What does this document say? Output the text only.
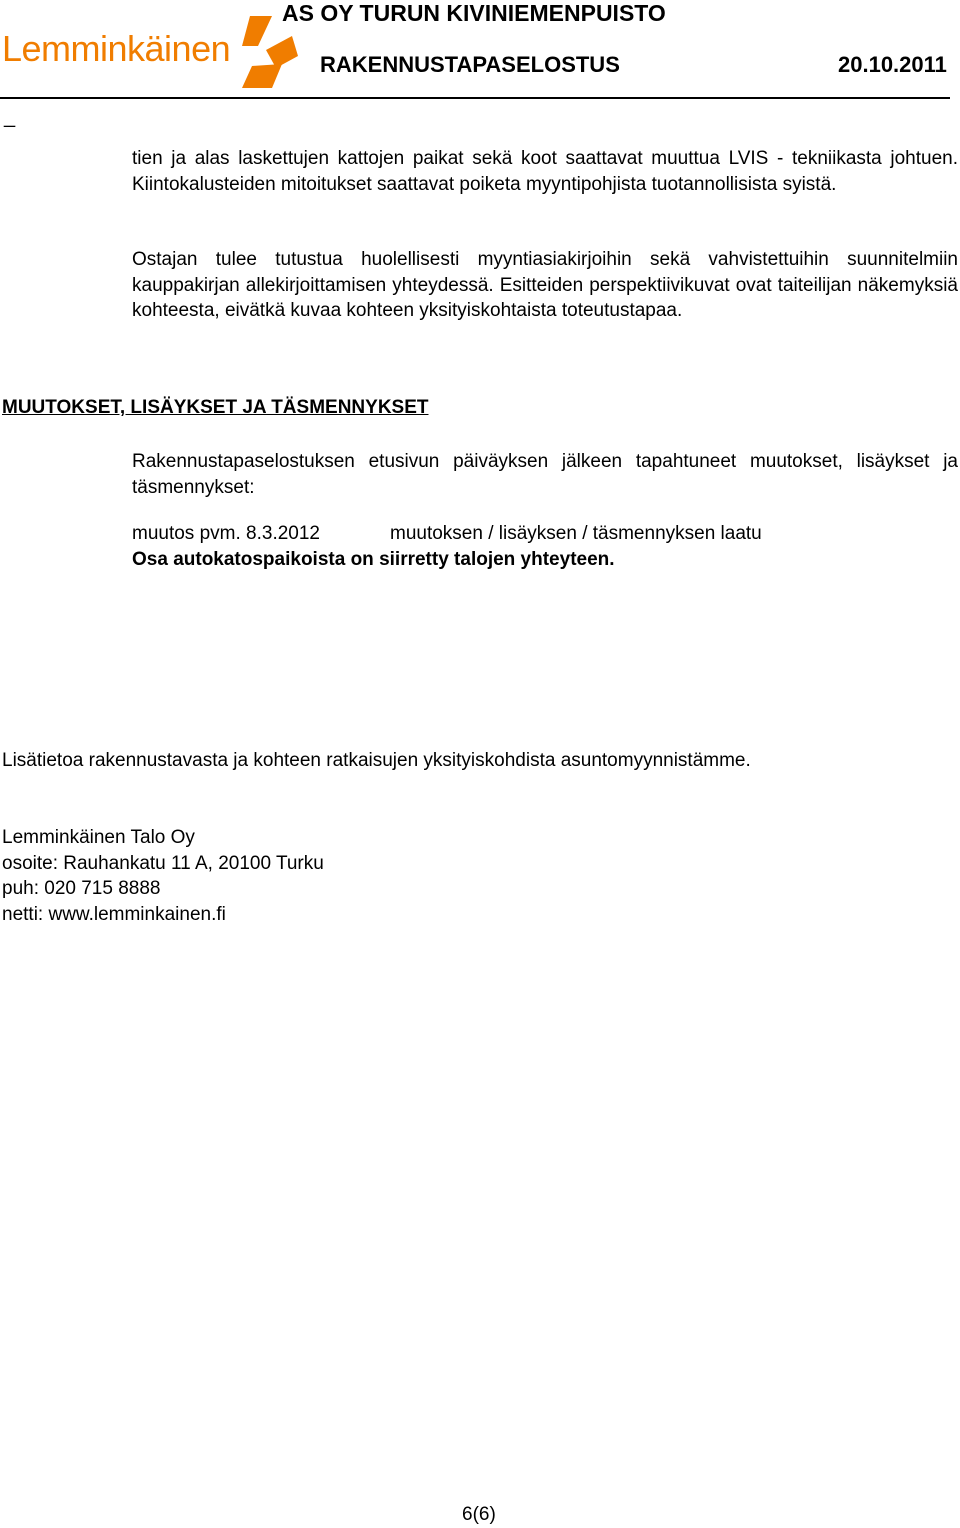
Lemminkäinen
AS OY TURUN KIVINIEMENPUISTO
RAKENNUSTAPASELOSTUS	20.10.2011
_
tien ja alas laskettujen kattojen paikat sekä koot saattavat muuttua LVIS - tekniikasta johtuen. Kiintokalusteiden mitoitukset saattavat poiketa myyntipohjista tuotannollisista syistä.
Ostajan tulee tutustua huolellisesti myyntiasiakirjoihin sekä vahvistettuihin suunnitelmiin kauppakirjan allekirjoittamisen yhteydessä. Esitteiden perspektiivikuvat ovat taiteilijan näkemyksiä kohteesta, eivätkä kuvaa kohteen yksityiskohtaista toteutustapaa.
MUUTOKSET, LISÄYKSET JA TÄSMENNYKSET
Rakennustapaselostuksen etusivun päiväyksen jälkeen tapahtuneet muutokset, lisäykset ja täsmennykset:
muutos pvm. 8.3.2012	muutoksen / lisäyksen / täsmennyksen laatu
Osa autokatospaikoista on siirretty talojen yhteyteen.
Lisätietoa rakennustavasta ja kohteen ratkaisujen yksityiskohdista asuntomyynnistämme.
Lemminkäinen Talo Oy
osoite: Rauhankatu 11 A, 20100 Turku
puh: 020 715 8888
netti: www.lemminkainen.fi
6(6)
